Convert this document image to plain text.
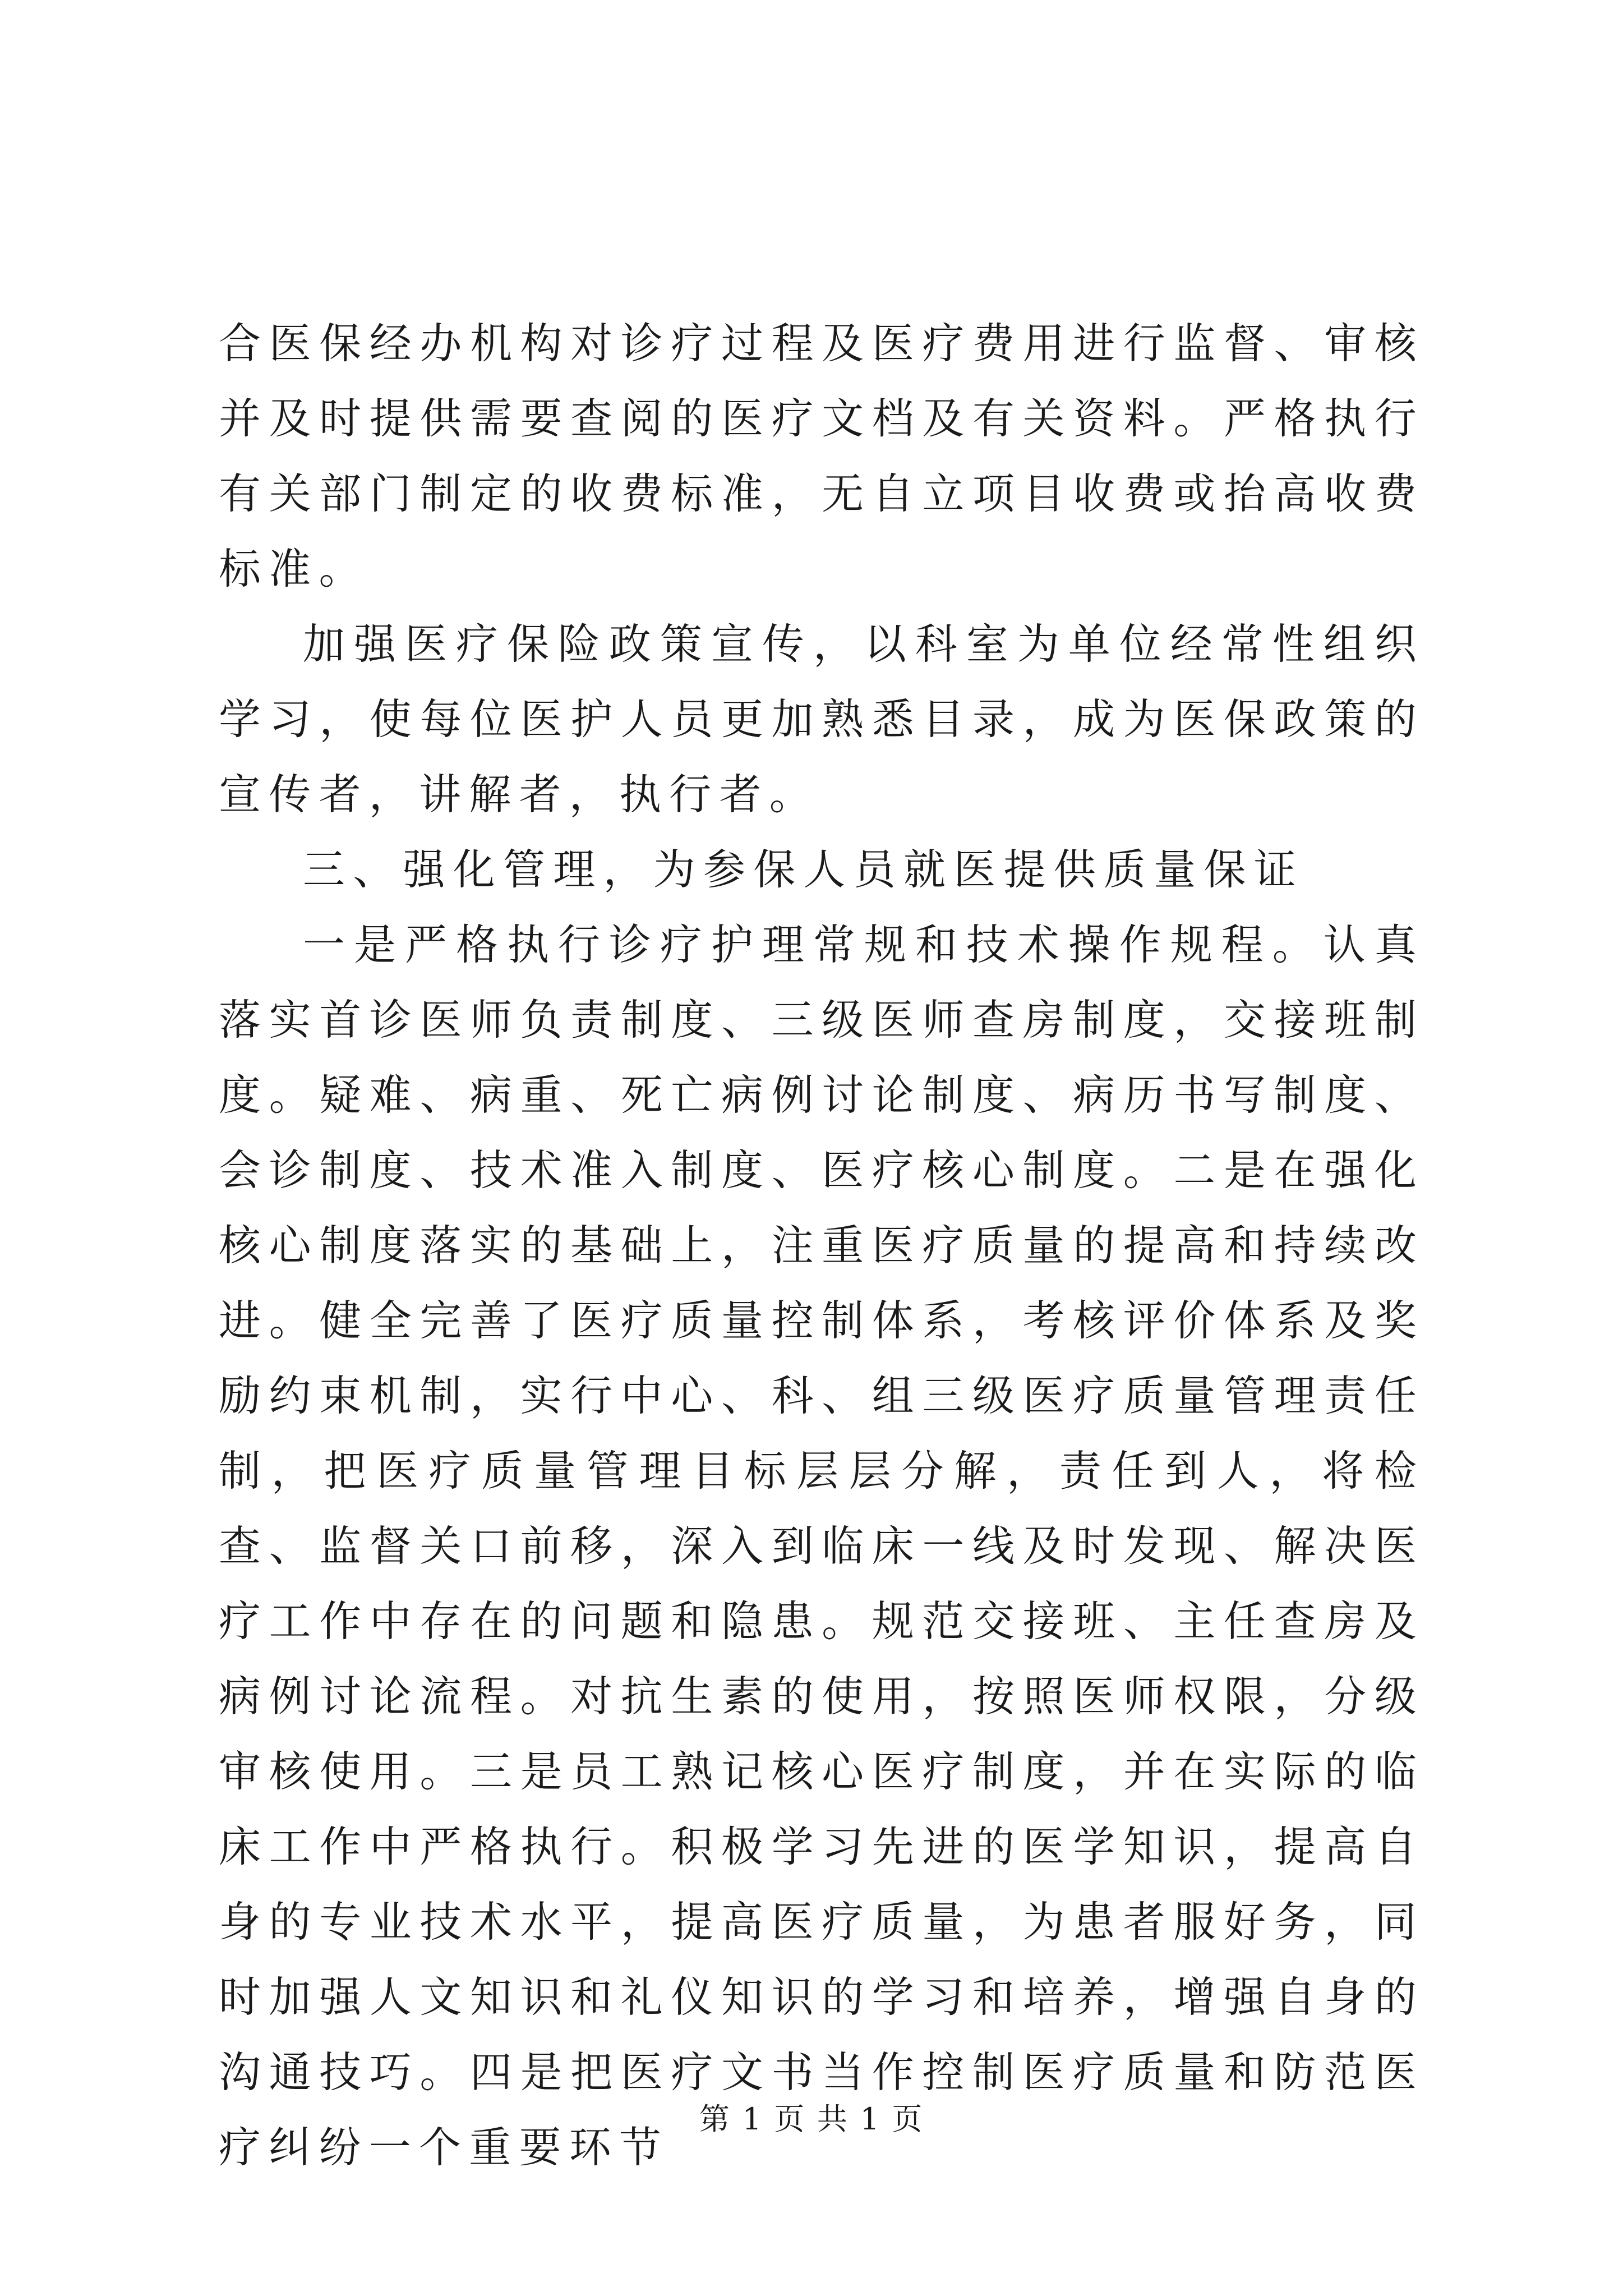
合医保经办机构对诊疗过程及医疗费用进行监督、审核并及时提供需要查阅的医疗文档及有关资料。严格执行有关部门制定的收费标准，无自立项目收费或抬高收费标准。

加强医疗保险政策宣传，以科室为单位经常性组织学习，使每位医护人员更加熟悉目录，成为医保政策的宣传者，讲解者，执行者。

三、强化管理，为参保人员就医提供质量保证

一是严格执行诊疗护理常规和技术操作规程。认真落实首诊医师负责制度、三级医师查房制度，交接班制度。疑难、病重、死亡病例讨论制度、病历书写制度、会诊制度、技术准入制度、医疗核心制度。二是在强化核心制度落实的基础上，注重医疗质量的提高和持续改进。健全完善了医疗质量控制体系，考核评价体系及奖励约束机制，实行中心、科、组三级医疗质量管理责任制，把医疗质量管理目标层层分解，责任到人，将检查、监督关口前移，深入到临床一线及时发现、解决医疗工作中存在的问题和隐患。规范交接班、主任查房及病例讨论流程。对抗生素的使用，按照医师权限，分级审核使用。三是员工熟记核心医疗制度，并在实际的临床工作中严格执行。积极学习先进的医学知识，提高自身的专业技术水平，提高医疗质量，为患者服好务，同时加强人文知识和礼仪知识的学习和培养，增强自身的沟通技巧。四是把医疗文书当作控制医疗质量和防范医疗纠纷一个重要环节

第 1 页 共 1 页
